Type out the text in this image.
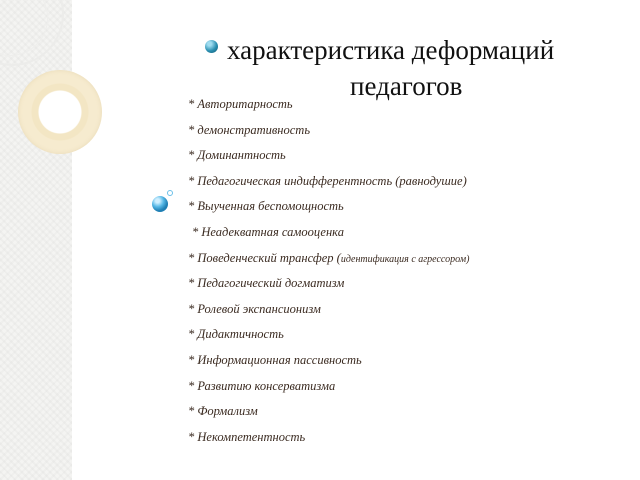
характеристика деформаций
педагогов
* Авторитарность
* демонстративность
* Доминантность
* Педагогическая индифферентность (равнодушие)
* Выученная беспомощность
* Неадекватная самооценка
* Поведенческий трансфер (идентификация с агрессором)
* Педагогический догматизм
* Ролевой экспансионизм
* Дидактичность
* Информационная пассивность
* Развитию консерватизма
* Формализм
* Некомпетентность
